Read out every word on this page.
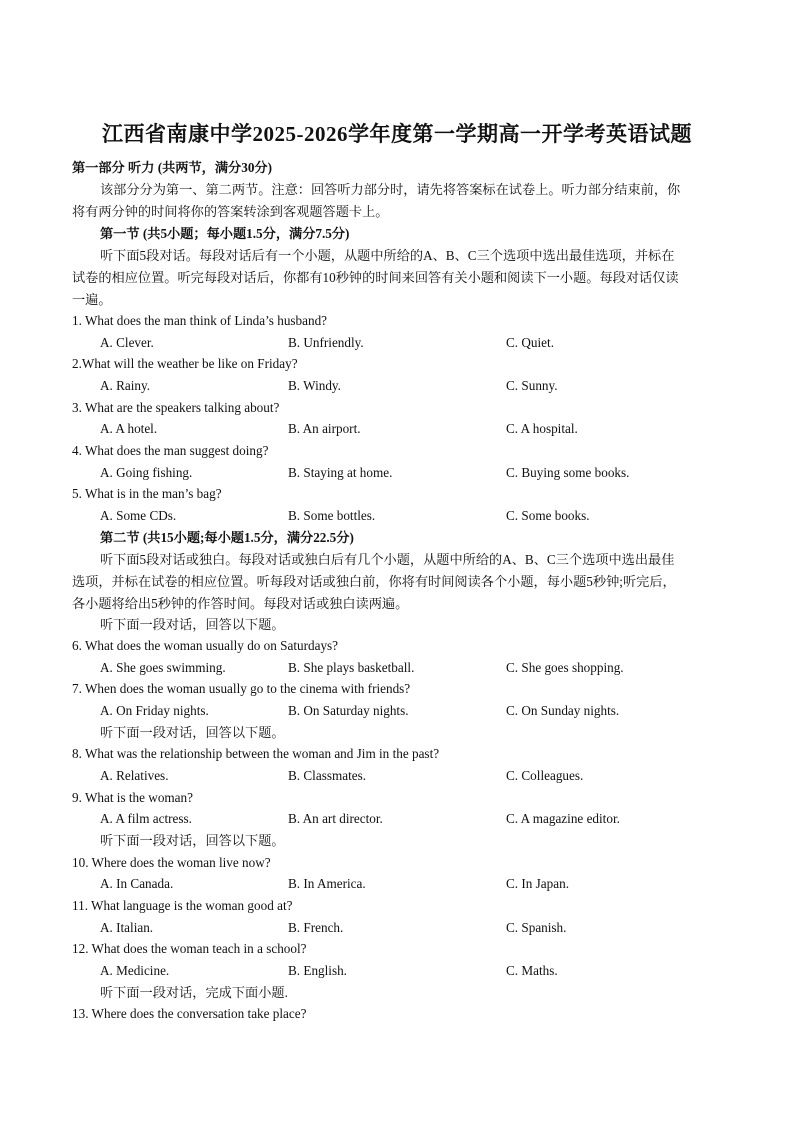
江西省南康中学2025-2026学年度第一学期高一开学考英语试题
第一部分 听力 (共两节，满分30分)
该部分分为第一、第二两节。注意：回答听力部分时，请先将答案标在试卷上。听力部分结束前，你
将有两分钟的时间将你的答案转涂到客观题答题卡上。
第一节 (共5小题；每小题1.5分，满分7.5分)
听下面5段对话。每段对话后有一个小题，从题中所给的A、B、C三个选项中选出最佳选项，并标在
试卷的相应位置。听完每段对话后，你都有10秒钟的时间来回答有关小题和阅读下一小题。每段对话仅读
一遍。
1. What does the man think of Linda’s husband?
A. Clever.	B. Unfriendly.	C. Quiet.
2.What will the weather be like on Friday?
A. Rainy.	B. Windy.	C. Sunny.
3. What are the speakers talking about?
A. A hotel.	B. An airport.	C. A hospital.
4. What does the man suggest doing?
A. Going fishing.	B. Staying at home.	C. Buying some books.
5. What is in the man’s bag?
A. Some CDs.	B. Some bottles.	C. Some books.
第二节 (共15小题;每小题1.5分，满分22.5分)
听下面5段对话或独白。每段对话或独白后有几个小题，从题中所给的A、B、C三个选项中选出最佳
选项，并标在试卷的相应位置。听每段对话或独白前，你将有时间阅读各个小题，每小题5秒钟;听完后，
各小题将给出5秒钟的作答时间。每段对话或独白读两遍。
听下面一段对话，回答以下题。
6. What does the woman usually do on Saturdays?
A. She goes swimming.	B. She plays basketball.	C. She goes shopping.
7. When does the woman usually go to the cinema with friends?
A. On Friday nights.	B. On Saturday nights.	C. On Sunday nights.
听下面一段对话，回答以下题。
8. What was the relationship between the woman and Jim in the past?
A. Relatives.	B. Classmates.	C. Colleagues.
9. What is the woman?
A. A film actress.	B. An art director.	C. A magazine editor.
听下面一段对话，回答以下题。
10. Where does the woman live now?
A. In Canada.	B. In America.	C. In Japan.
11. What language is the woman good at?
A. Italian.	B. French.	C. Spanish.
12. What does the woman teach in a school?
A. Medicine.	B. English.	C. Maths.
听下面一段对话，完成下面小题.
13. Where does the conversation take place?
